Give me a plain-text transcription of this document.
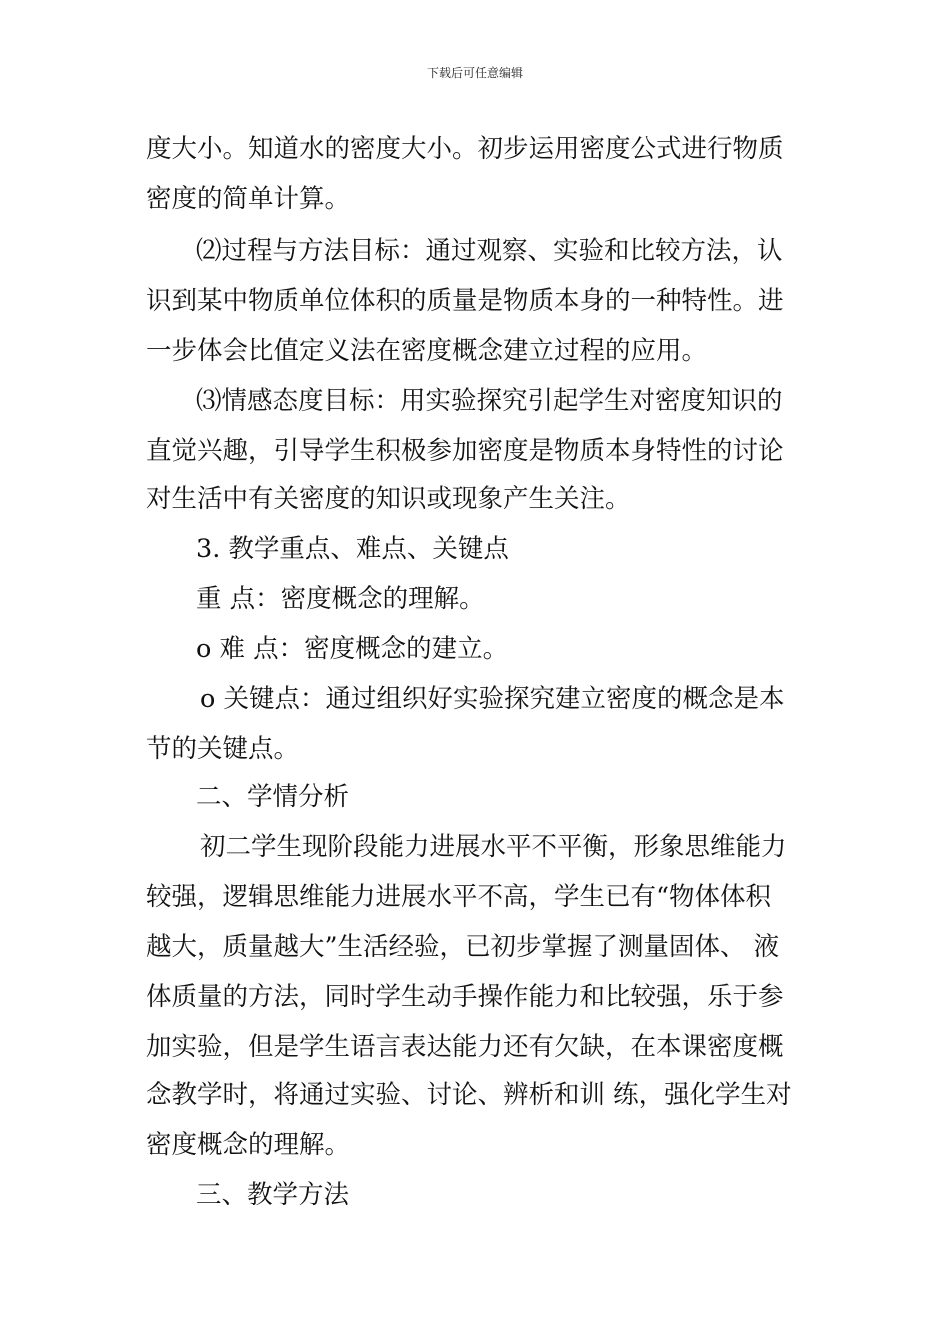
下载后可任意编辑
度大小。知道水的密度大小。初步运用密度公式进行物质
密度的简单计算。
⑵过程与方法目标：通过观察、实验和比较方法，认
识到某中物质单位体积的质量是物质本身的一种特性。进
一步体会比值定义法在密度概念建立过程的应用。
⑶情感态度目标：用实验探究引起学生对密度知识的
直觉兴趣，引导学生积极参加密度是物质本身特性的讨论
对生活中有关密度的知识或现象产生关注。
3. 教学重点、难点、关键点
重 点：密度概念的理解。
o 难 点：密度概念的建立。
o 关键点：通过组织好实验探究建立密度的概念是本
节的关键点。
二、学情分析
初二学生现阶段能力进展水平不平衡，形象思维能力
较强，逻辑思维能力进展水平不高，学生已有“物体体积
越大，质量越大”生活经验，已初步掌握了测量固体、 液
体质量的方法，同时学生动手操作能力和比较强，乐于参
加实验，但是学生语言表达能力还有欠缺，在本课密度概
念教学时，将通过实验、讨论、辨析和训 练，强化学生对
密度概念的理解。
三、教学方法
